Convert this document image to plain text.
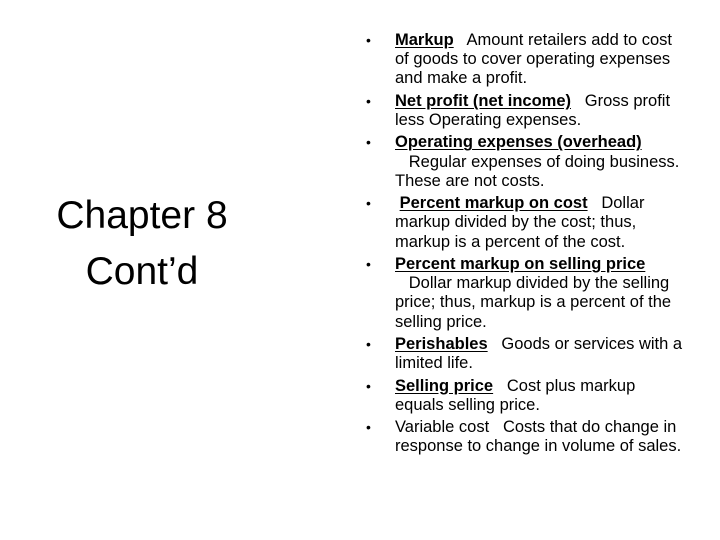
Chapter 8 Cont’d
•	Markup Amount retailers add to cost of goods to cover operating expenses and make a profit.
•	Net profit (net income) Gross profit less Operating expenses.
•	Operating expenses (overhead)   Regular expenses of doing business. These are not costs.
•	Percent markup on cost Dollar markup divided by the cost; thus, markup is a percent of the cost.
•	Percent markup on selling price   Dollar markup divided by the selling price; thus, markup is a percent of the selling price.
•	Perishables Goods or services with a limited life.
•	Selling price Cost plus markup equals selling price.
•	Variable cost Costs that do change in response to change in volume of sales.
